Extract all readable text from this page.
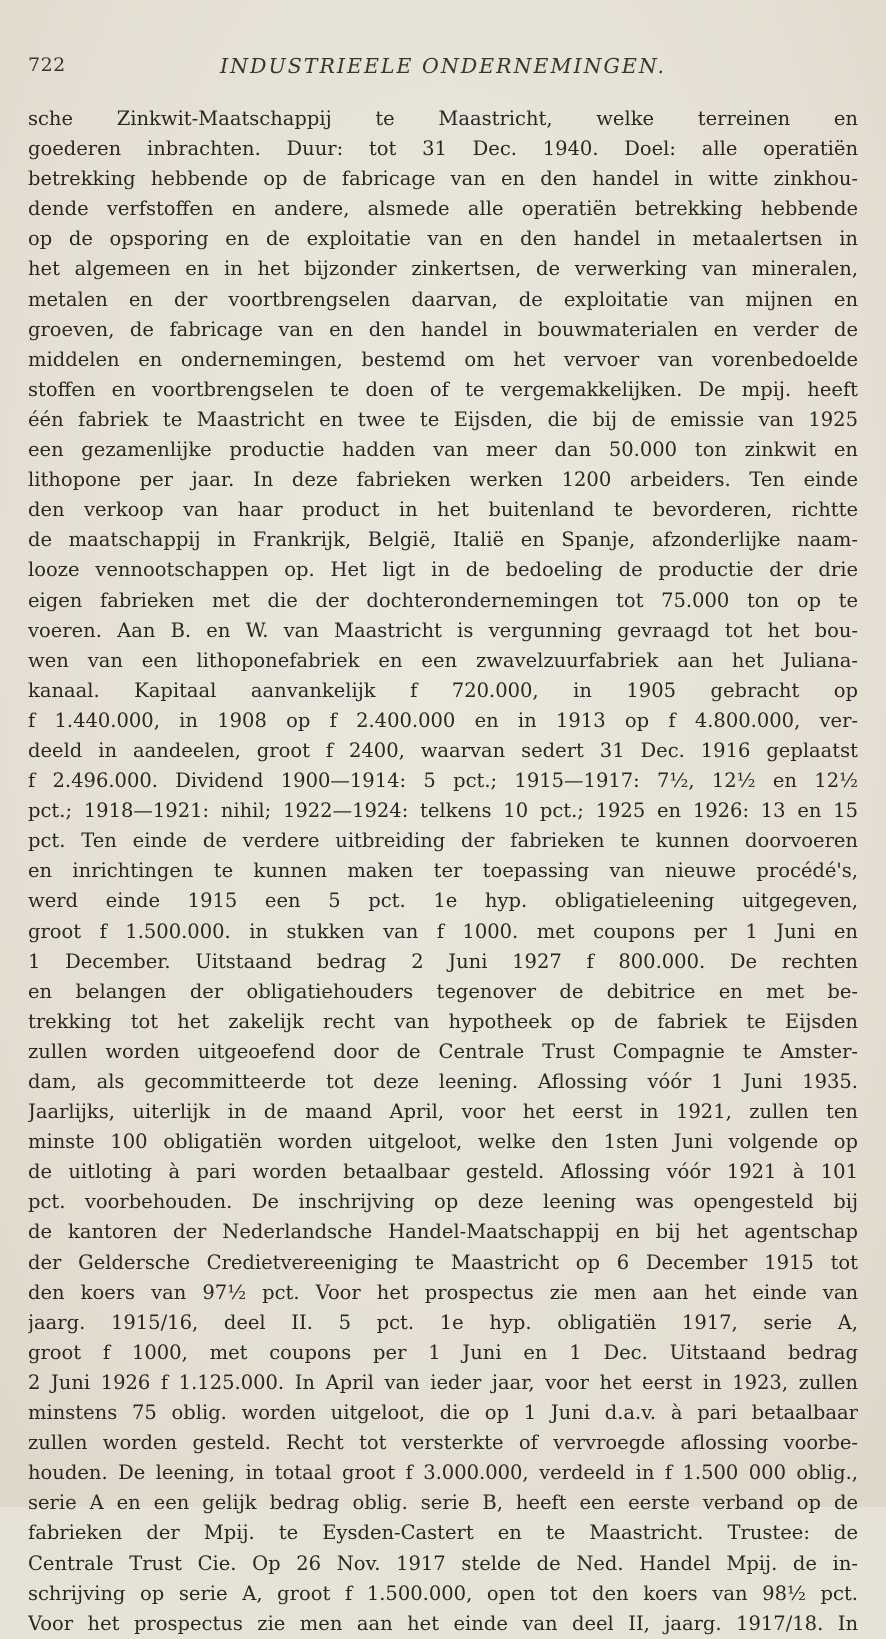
722	INDUSTRIEELE ONDERNEMINGEN.
sche Zinkwit-Maatschappij te Maastricht, welke terreinen en
goederen inbrachten. Duur: tot 31 Dec. 1940. Doel: alle operatiën
betrekking hebbende op de fabricage van en den handel in witte zinkhou-
dende verfstoffen en andere, alsmede alle operatiën betrekking hebbende
op de opsporing en de exploitatie van en den handel in metaalertsen in
het algemeen en in het bijzonder zinkertsen, de verwerking van mineralen,
metalen en der voortbrengselen daarvan, de exploitatie van mijnen en
groeven, de fabricage van en den handel in bouwmaterialen en verder de
middelen en ondernemingen, bestemd om het vervoer van vorenbedoelde
stoffen en voortbrengselen te doen of te vergemakkelijken. De mpij. heeft
één fabriek te Maastricht en twee te Eijsden, die bij de emissie van 1925
een gezamenlijke productie hadden van meer dan 50.000 ton zinkwit en
lithopone per jaar. In deze fabrieken werken 1200 arbeiders. Ten einde
den verkoop van haar product in het buitenland te bevorderen, richtte
de maatschappij in Frankrijk, België, Italië en Spanje, afzonderlijke naam-
looze vennootschappen op. Het ligt in de bedoeling de productie der drie
eigen fabrieken met die der dochterondernemingen tot 75.000 ton op te
voeren. Aan B. en W. van Maastricht is vergunning gevraagd tot het bou-
wen van een lithoponefabriek en een zwavelzuurfabriek aan het Juliana-
kanaal. Kapitaal aanvankelijk f 720.000, in 1905 gebracht op
f 1.440.000, in 1908 op f 2.400.000 en in 1913 op f 4.800.000, ver-
deeld in aandeelen, groot f 2400, waarvan sedert 31 Dec. 1916 geplaatst
f 2.496.000. Dividend 1900—1914: 5 pct.; 1915—1917: 7½, 12½ en 12½
pct.; 1918—1921: nihil; 1922—1924: telkens 10 pct.; 1925 en 1926: 13 en 15
pct. Ten einde de verdere uitbreiding der fabrieken te kunnen doorvoeren
en inrichtingen te kunnen maken ter toepassing van nieuwe procédé's,
werd einde 1915 een 5 pct. 1e hyp. obligatieleening uitgegeven,
groot f 1.500.000. in stukken van f 1000. met coupons per 1 Juni en
1 December. Uitstaand bedrag 2 Juni 1927 f 800.000. De rechten
en belangen der obligatiehouders tegenover de debitrice en met be-
trekking tot het zakelijk recht van hypotheek op de fabriek te Eijsden
zullen worden uitgeoefend door de Centrale Trust Compagnie te Amster-
dam, als gecommitteerde tot deze leening. Aflossing vóór 1 Juni 1935.
Jaarlijks, uiterlijk in de maand April, voor het eerst in 1921, zullen ten
minste 100 obligatiën worden uitgeloot, welke den 1sten Juni volgende op
de uitloting à pari worden betaalbaar gesteld. Aflossing vóór 1921 à 101
pct. voorbehouden. De inschrijving op deze leening was opengesteld bij
de kantoren der Nederlandsche Handel-Maatschappij en bij het agentschap
der Geldersche Credietvereeniging te Maastricht op 6 December 1915 tot
den koers van 97½ pct. Voor het prospectus zie men aan het einde van
jaarg. 1915/16, deel II. 5 pct. 1e hyp. obligatiën 1917, serie A,
groot f 1000, met coupons per 1 Juni en 1 Dec. Uitstaand bedrag
2 Juni 1926 f 1.125.000. In April van ieder jaar, voor het eerst in 1923, zullen
minstens 75 oblig. worden uitgeloot, die op 1 Juni d.a.v. à pari betaalbaar
zullen worden gesteld. Recht tot versterkte of vervroegde aflossing voorbe-
houden. De leening, in totaal groot f 3.000.000, verdeeld in f 1.500 000 oblig.,
serie A en een gelijk bedrag oblig. serie B, heeft een eerste verband op de
fabrieken der Mpij. te Eysden-Castert en te Maastricht. Trustee: de
Centrale Trust Cie. Op 26 Nov. 1917 stelde de Ned. Handel Mpij. de in-
schrijving op serie A, groot f 1.500.000, open tot den koers van 98½ pct.
Voor het prospectus zie men aan het einde van deel II, jaarg. 1917/18. In
